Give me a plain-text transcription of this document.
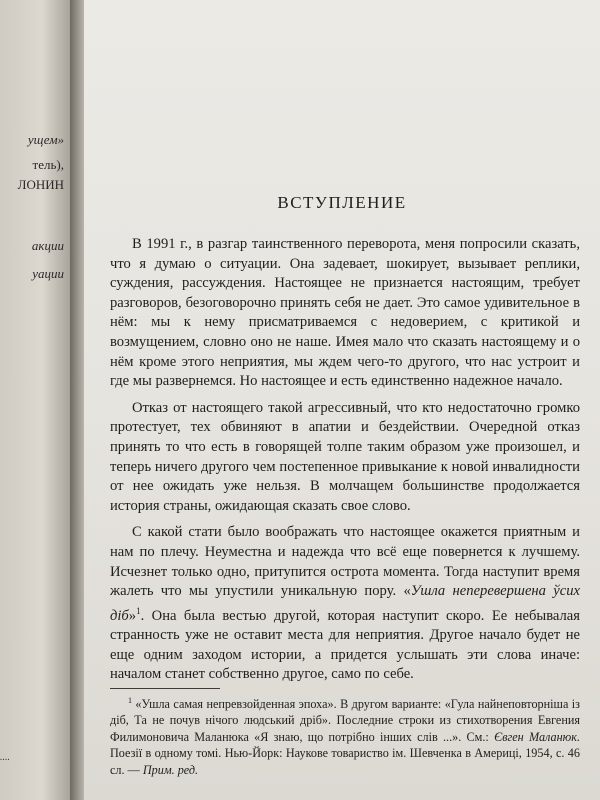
ущем»
тель),
ЛОНИН
акции
уации
....
ВСТУПЛЕНИЕ

В 1991 г., в разгар таинственного переворота, меня попросили сказать, что я думаю о ситуации. Она задевает, шокирует, вызывает реплики, суждения, рассуждения. Настоящее не признается настоящим, требует разговоров, безоговорочно принять себя не дает. Это самое удивительное в нём: мы к нему присматриваемся с недоверием, с критикой и возмущением, словно оно не наше. Имея мало что сказать настоящему и о нём кроме этого неприятия, мы ждем чего-то другого, что нас устроит и где мы развернемся. Но настоящее и есть единственно надежное начало.

Отказ от настоящего такой агрессивный, что кто недостаточно громко протестует, тех обвиняют в апатии и бездействии. Очередной отказ принять то что есть в говорящей толпе таким образом уже произошел, и теперь ничего другого чем постепенное привыкание к новой инвалидности от нее ожидать уже нельзя. В молчащем большинстве продолжается история страны, ожидающая сказать свое слово.

С какой стати было воображать что настоящее окажется приятным и нам по плечу. Неуместна и надежда что всё еще повернется к лучшему. Исчезнет только одно, притупится острота момента. Тогда наступит время жалеть что мы упустили уникальную пору. «Ушла неперевершена ўсих дiб»$^1$. Она была вестью другой, которая наступит скоро. Ее небывалая странность уже не оставит места для неприятия. Другое начало будет не еще одним заходом истории, а придется услышать эти слова иначе: началом станет собственно другое, само по себе.

$^1$ «Ушла самая непревзойденная эпоха». В другом варианте: «Гула найнеповторнiша iз дiб, Та не почув нiчого людський дрiб». Последние строки из стихотворения Евгения Филимоновича Маланюка «Я знаю, що потрiбно iнших слiв ...». См.: Євген Маланюк. Поезiї в одному томi. Нью-Йорк: Наукове товариство iм. Шевченка в Америцi, 1954, с. 46 сл. — Прим. ред.
